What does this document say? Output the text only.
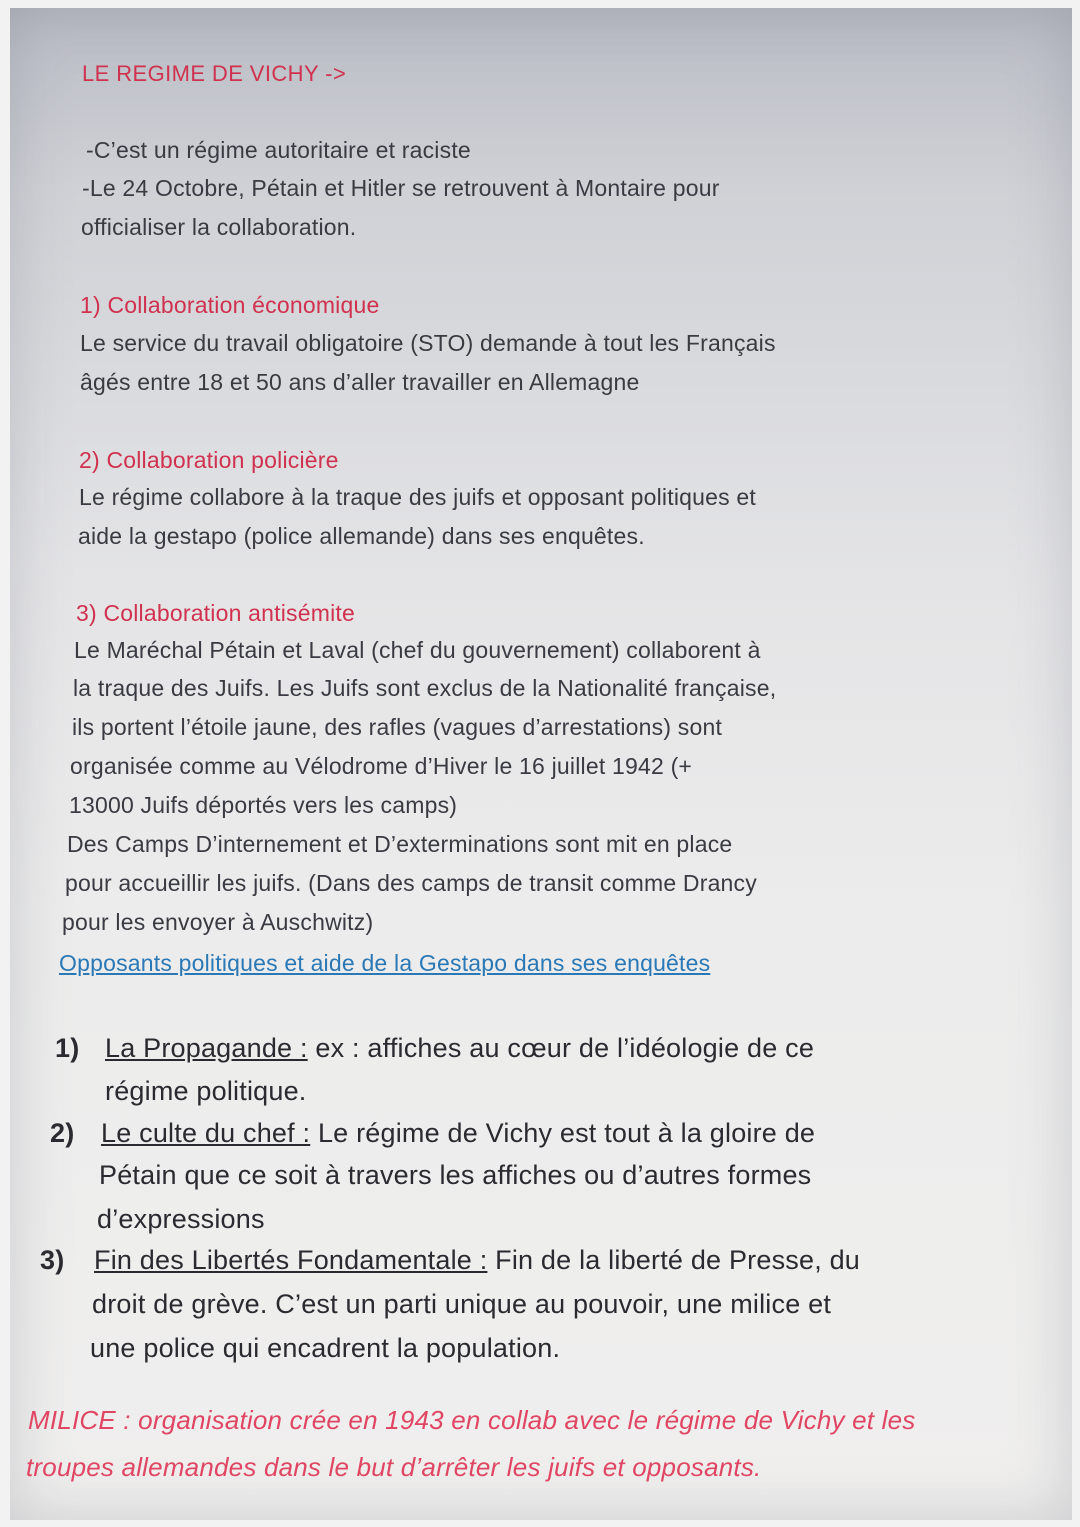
LE REGIME DE VICHY ->
-C’est un régime autoritaire et raciste
-Le 24 Octobre, Pétain et Hitler se retrouvent à Montaire pour
officialiser la collaboration.
1) Collaboration économique
Le service du travail obligatoire (STO) demande à tout les Français
âgés entre 18 et 50 ans d’aller travailler en Allemagne
2) Collaboration policière
Le régime collabore à la traque des juifs et opposant politiques et
aide la gestapo (police allemande) dans ses enquêtes.
3) Collaboration antisémite
Le Maréchal Pétain et Laval (chef du gouvernement) collaborent à
la traque des Juifs. Les Juifs sont exclus de la Nationalité française,
ils portent l’étoile jaune, des rafles (vagues d’arrestations) sont
organisée comme au Vélodrome d’Hiver le 16 juillet 1942 (+
13000 Juifs déportés vers les camps)
Des Camps D’internement et D’exterminations sont mit en place
pour accueillir les juifs. (Dans des camps de transit comme Drancy
pour les envoyer à Auschwitz)
Opposants politiques et aide de la Gestapo dans ses enquêtes
1) La Propagande : ex : affiches au cœur de l’idéologie de ce
régime politique.
2) Le culte du chef : Le régime de Vichy est tout à la gloire de
Pétain que ce soit à travers les affiches ou d’autres formes
d’expressions
3) Fin des Libertés Fondamentale : Fin de la liberté de Presse, du
droit de grève. C’est un parti unique au pouvoir, une milice et
une police qui encadrent la population.
MILICE : organisation crée en 1943 en collab avec le régime de Vichy et les
troupes allemandes dans le but d’arrêter les juifs et opposants.
